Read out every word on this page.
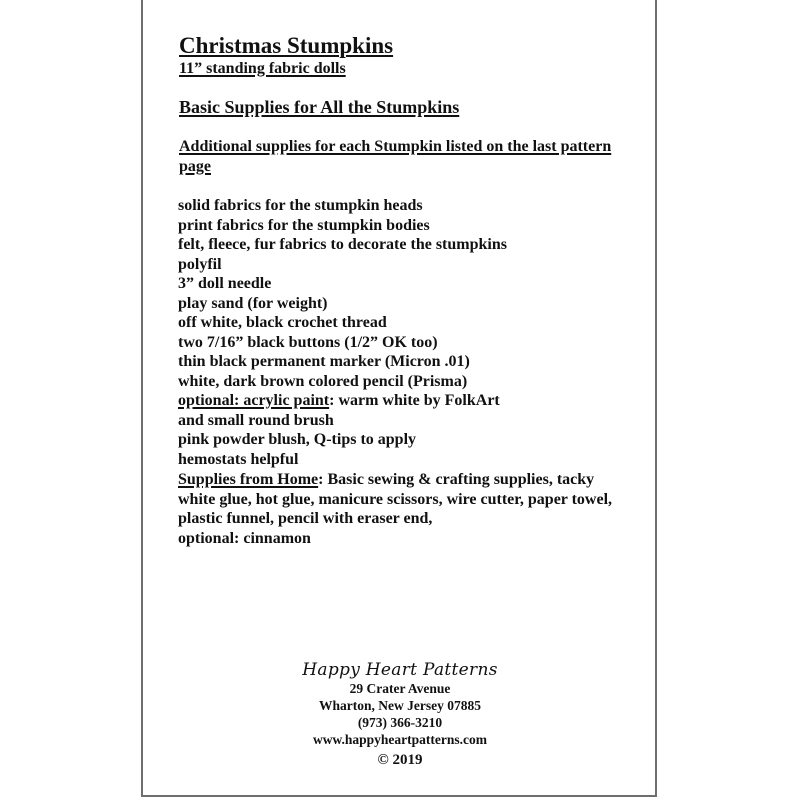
Christmas Stumpkins
11” standing fabric dolls
Basic Supplies for All the Stumpkins
Additional supplies for each Stumpkin listed on the last pattern page
solid fabrics for the stumpkin heads
print fabrics for the stumpkin bodies
felt, fleece, fur fabrics to decorate the stumpkins
polyfil
3” doll needle
play sand (for weight)
off white, black crochet thread
two 7/16” black buttons (1/2” OK too)
thin black permanent marker (Micron .01)
white, dark brown colored pencil (Prisma)
optional: acrylic paint: warm white by FolkArt
and small round brush
pink powder blush, Q-tips to apply
hemostats helpful
Supplies from Home: Basic sewing & crafting supplies, tacky white glue, hot glue, manicure scissors, wire cutter, paper towel, plastic funnel, pencil with eraser end,
optional: cinnamon
Happy Heart Patterns
29 Crater Avenue
Wharton, New Jersey 07885
(973) 366-3210
www.happyheartpatterns.com
© 2019
